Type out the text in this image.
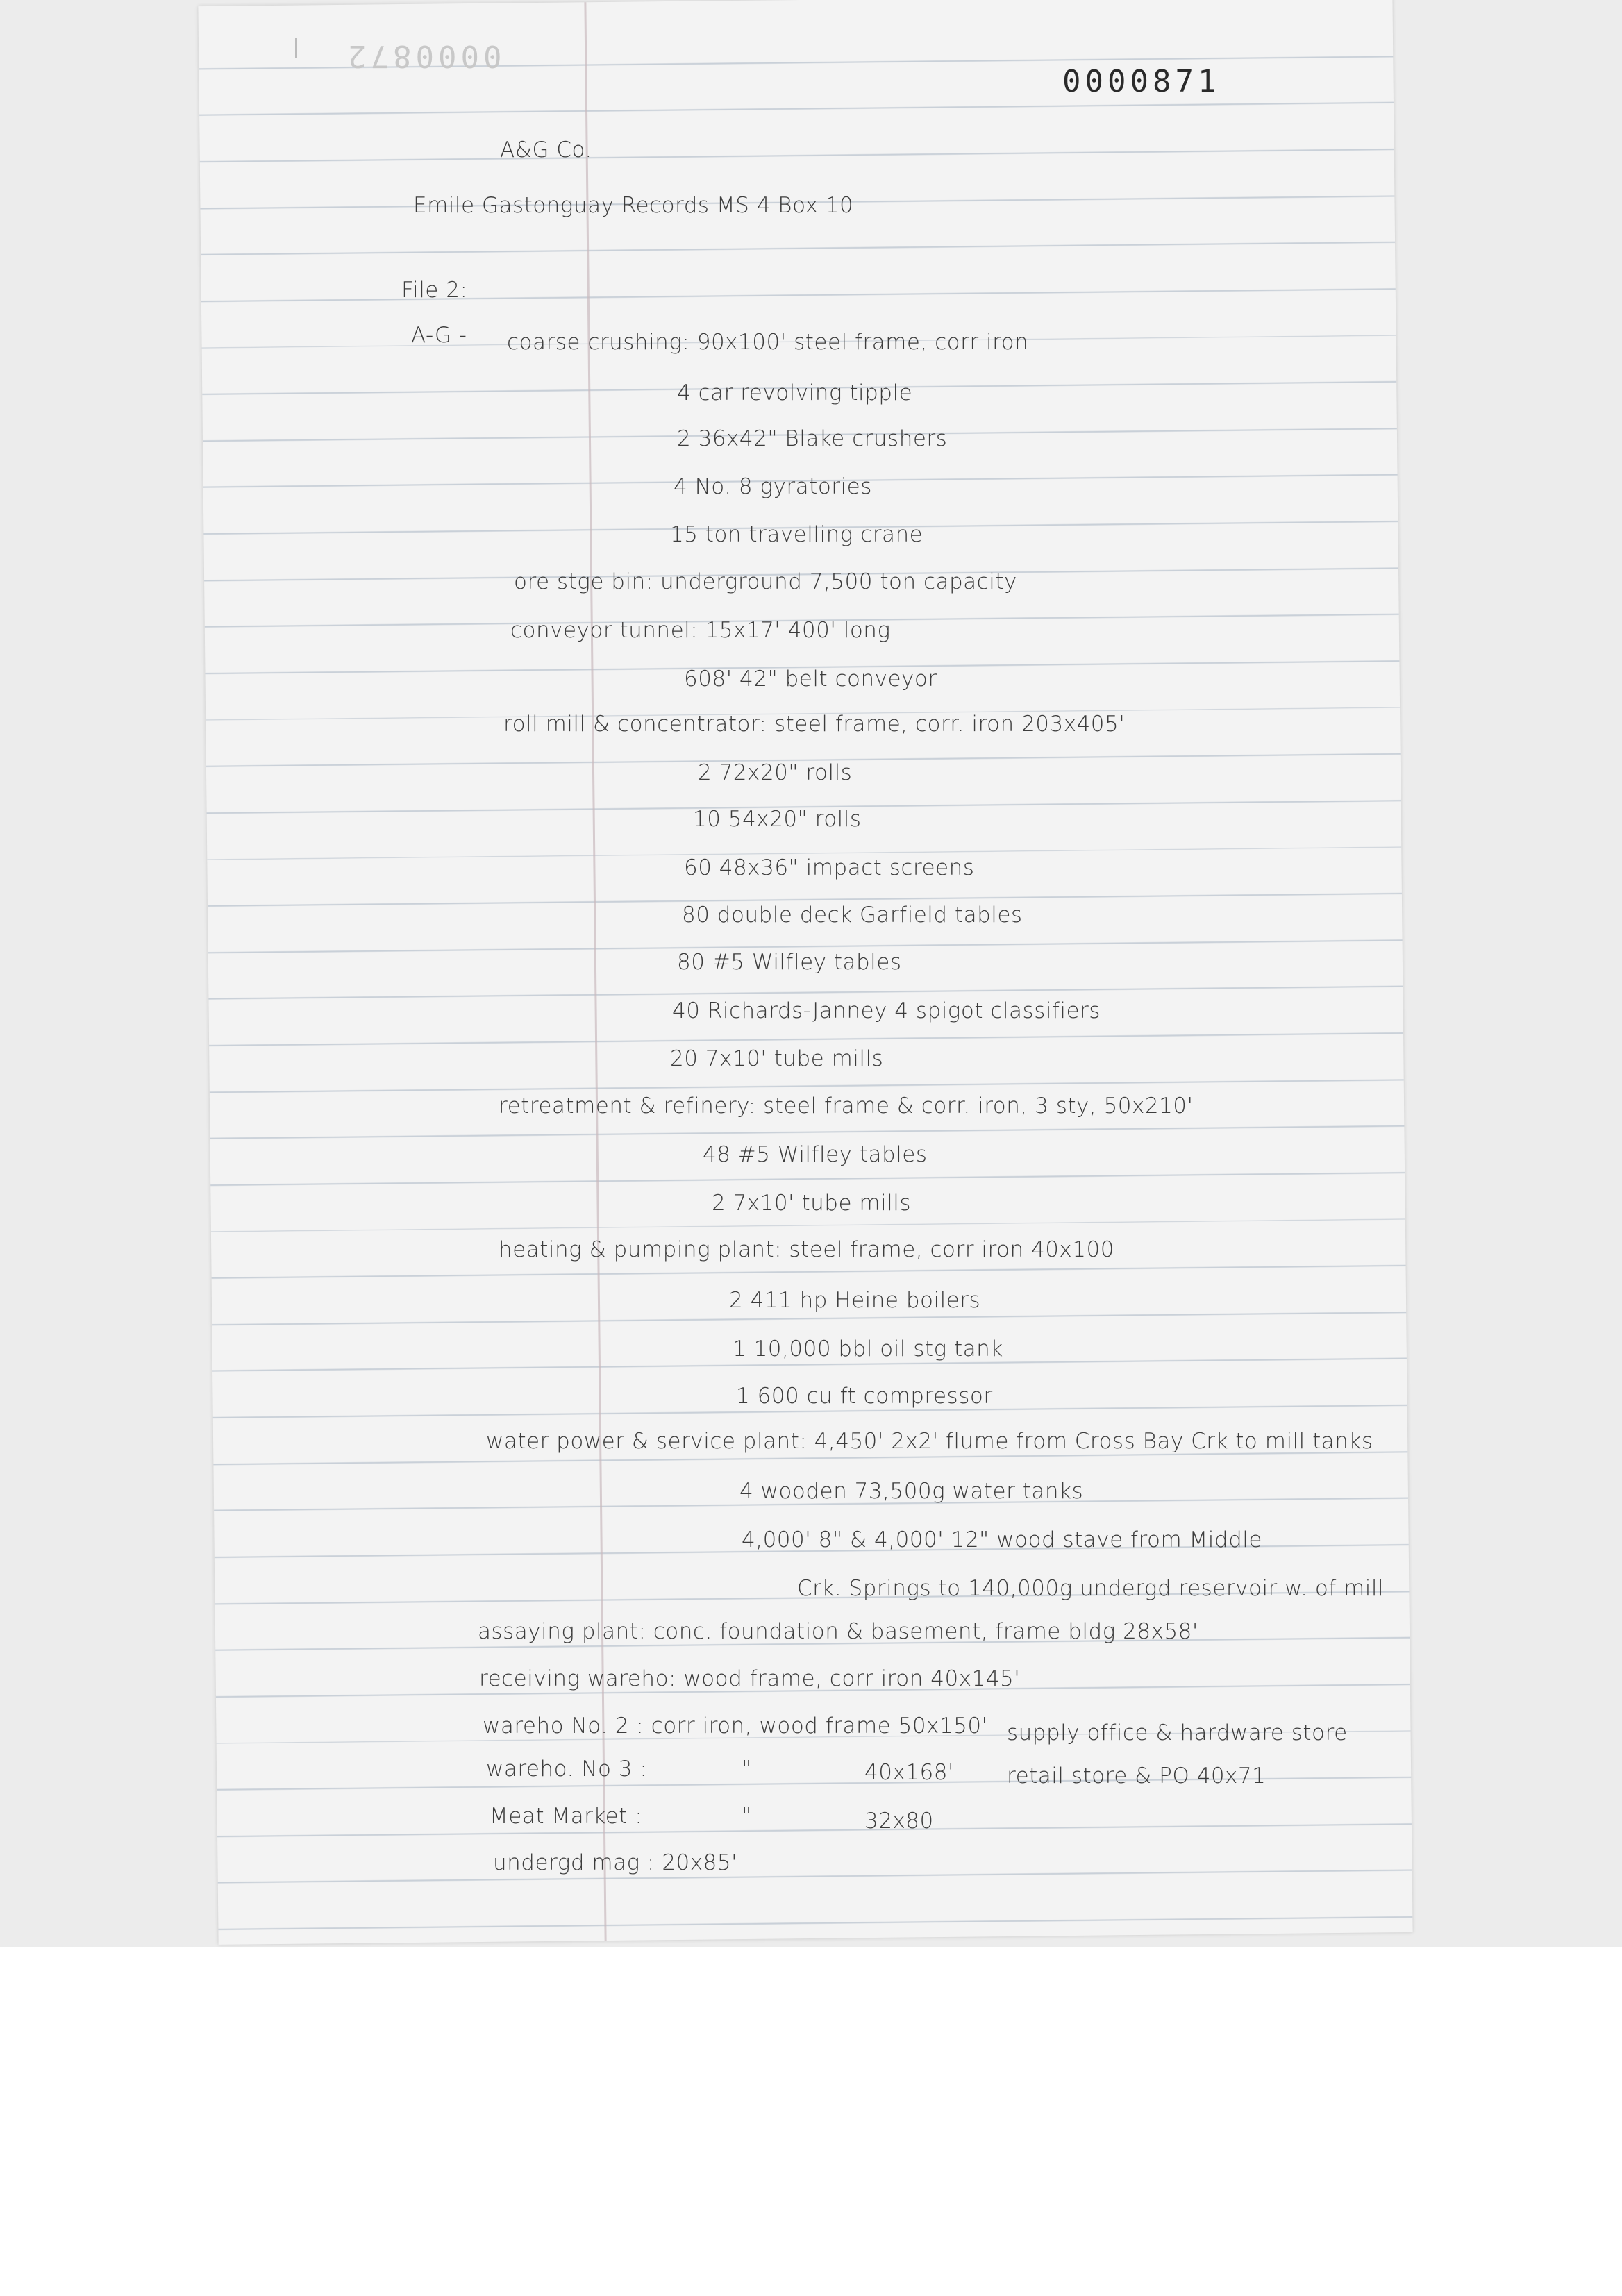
0000872
0000871
A&G Co.
Emile Gastonguay Records MS 4 Box 10
File 2:
A-G - coarse crushing: 90x100' steel frame, corr iron
4 car revolving tipple
2 36x42" Blake crushers
4 No. 8 gyratories
15 ton travelling crane
ore stge bin: underground 7,500 ton capacity
conveyor tunnel: 15x17' 400' long
608' 42" belt conveyor
roll mill & concentrator: steel frame, corr. iron 203x405'
2 72x20" rolls
10 54x20" rolls
60 48x36" impact screens
80 double deck Garfield tables
80 #5 Wilfley tables
40 Richards-Janney 4 spigot classifiers
20 7x10' tube mills
retreatment & refinery: steel frame & corr. iron, 3 sty, 50x210'
48 #5 Wilfley tables
2 7x10' tube mills
heating & pumping plant: steel frame, corr iron 40x100
2 411 hp Heine boilers
1 10,000 bbl oil stg tank
1 600 cu ft compressor
water power & service plant: 4,450' 2x2' flume from Cross Bay Crk to mill tanks
4 wooden 73,500g water tanks
4,000' 8" & 4,000' 12" wood stave from Middle
Crk. Springs to 140,000g undergd reservoir w. of mill
assaying plant: conc. foundation & basement, frame bldg 28x58'
receiving wareho: wood frame, corr iron 40x145'
wareho No. 2 : corr iron, wood frame 50x150' supply office & hardware store
wareho. No 3 :	"	40x168' retail store & PO 40x71
Meat Market :	"	32x80
undergd mag : 20x85'
